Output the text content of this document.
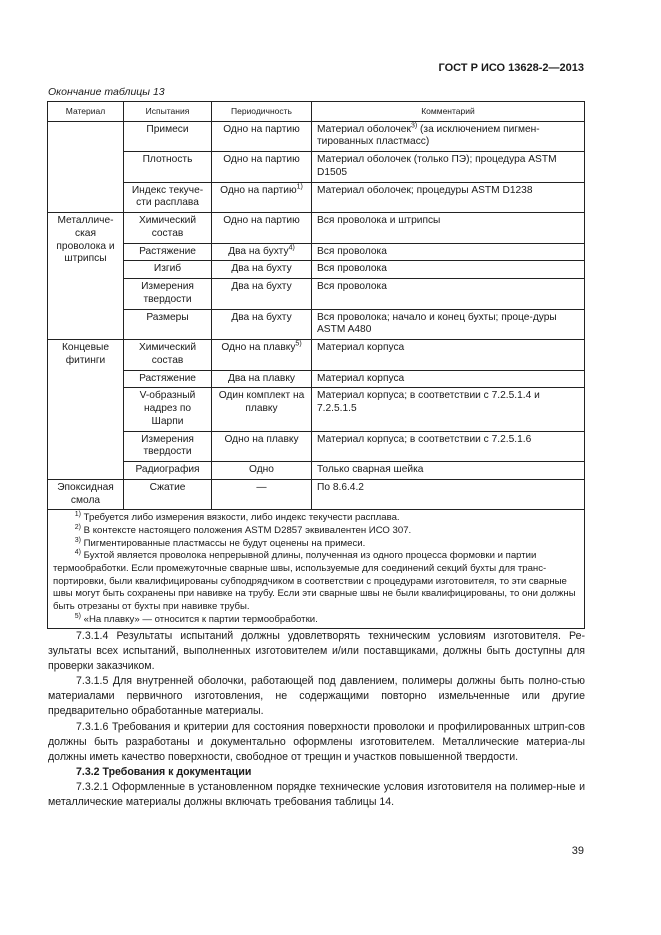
ГОСТ Р ИСО 13628-2—2013
Окончание таблицы 13
Материал	Испытания	Периодичность	Комментарий
	Примеси	Одно на партию	Материал оболочек$^{3)}$ (за исключением пигмен-тированных пластмасс)
	Плотность	Одно на партию	Материал оболочек (только ПЭ); процедура ASTM D1505
	Индекс текуче-сти расплава	Одно на партию$^{1)}$	Материал оболочек; процедуры ASTM D1238
Металличе-ская проволока и штрипсы	Химический состав	Одно на партию	Вся проволока и штрипсы
	Растяжение	Два на бухту$^{4)}$	Вся проволока
	Изгиб	Два на бухту	Вся проволока
	Измерения твердости	Два на бухту	Вся проволока
	Размеры	Два на бухту	Вся проволока; начало и конец бухты; проце-дуры ASTM A480
Концевые фитинги	Химический состав	Одно на плавку$^{5)}$	Материал корпуса
	Растяжение	Два на плавку	Материал корпуса
	V-образный надрез по Шарпи	Один комплект на плавку	Материал корпуса; в соответствии с 7.2.5.1.4 и 7.2.5.1.5
	Измерения твердости	Одно на плавку	Материал корпуса; в соответствии с 7.2.5.1.6
	Радиография	Одно	Только сварная шейка
Эпоксидная смола	Сжатие	—	По 8.6.4.2

$^{1)}$ Требуется либо измерения вязкости, либо индекс текучести расплава.
$^{2)}$ В контексте настоящего положения ASTM D2857 эквивалентен ИСО 307.
$^{3)}$ Пигментированные пластмассы не будут оценены на примеси.
$^{4)}$ Бухтой является проволока непрерывной длины, полученная из одного процесса формовки и партии термообработки. Если промежуточные сварные швы, используемые для соединений секций бухты для транс-портировки, были квалифицированы субподрядчиком в соответствии с процедурами изготовителя, то эти сварные швы могут быть сохранены при навивке на трубу. Если эти сварные швы не были квалифицированы, то они должны быть отрезаны от бухты при навивке трубы.
$^{5)}$ «На плавку» — относится к партии термообработки.			

7.3.1.4 Результаты испытаний должны удовлетворять техническим условиям изготовителя. Ре-зультаты всех испытаний, выполненных изготовителем и/или поставщиками, должны быть доступны для проверки заказчиком.

7.3.1.5 Для внутренней оболочки, работающей под давлением, полимеры должны быть полно-стью материалами первичного изготовления, не содержащими повторно измельченные или другие предварительно обработанные материалы.

7.3.1.6 Требования и критерии для состояния поверхности проволоки и профилированных штрип-сов должны быть разработаны и документально оформлены изготовителем. Металлические материа-лы должны иметь качество поверхности, свободное от трещин и участков повышенной твердости.

7.3.2 Требования к документации

7.3.2.1 Оформленные в установленном порядке технические условия изготовителя на полимер-ные и металлические материалы должны включать требования таблицы 14.

39
